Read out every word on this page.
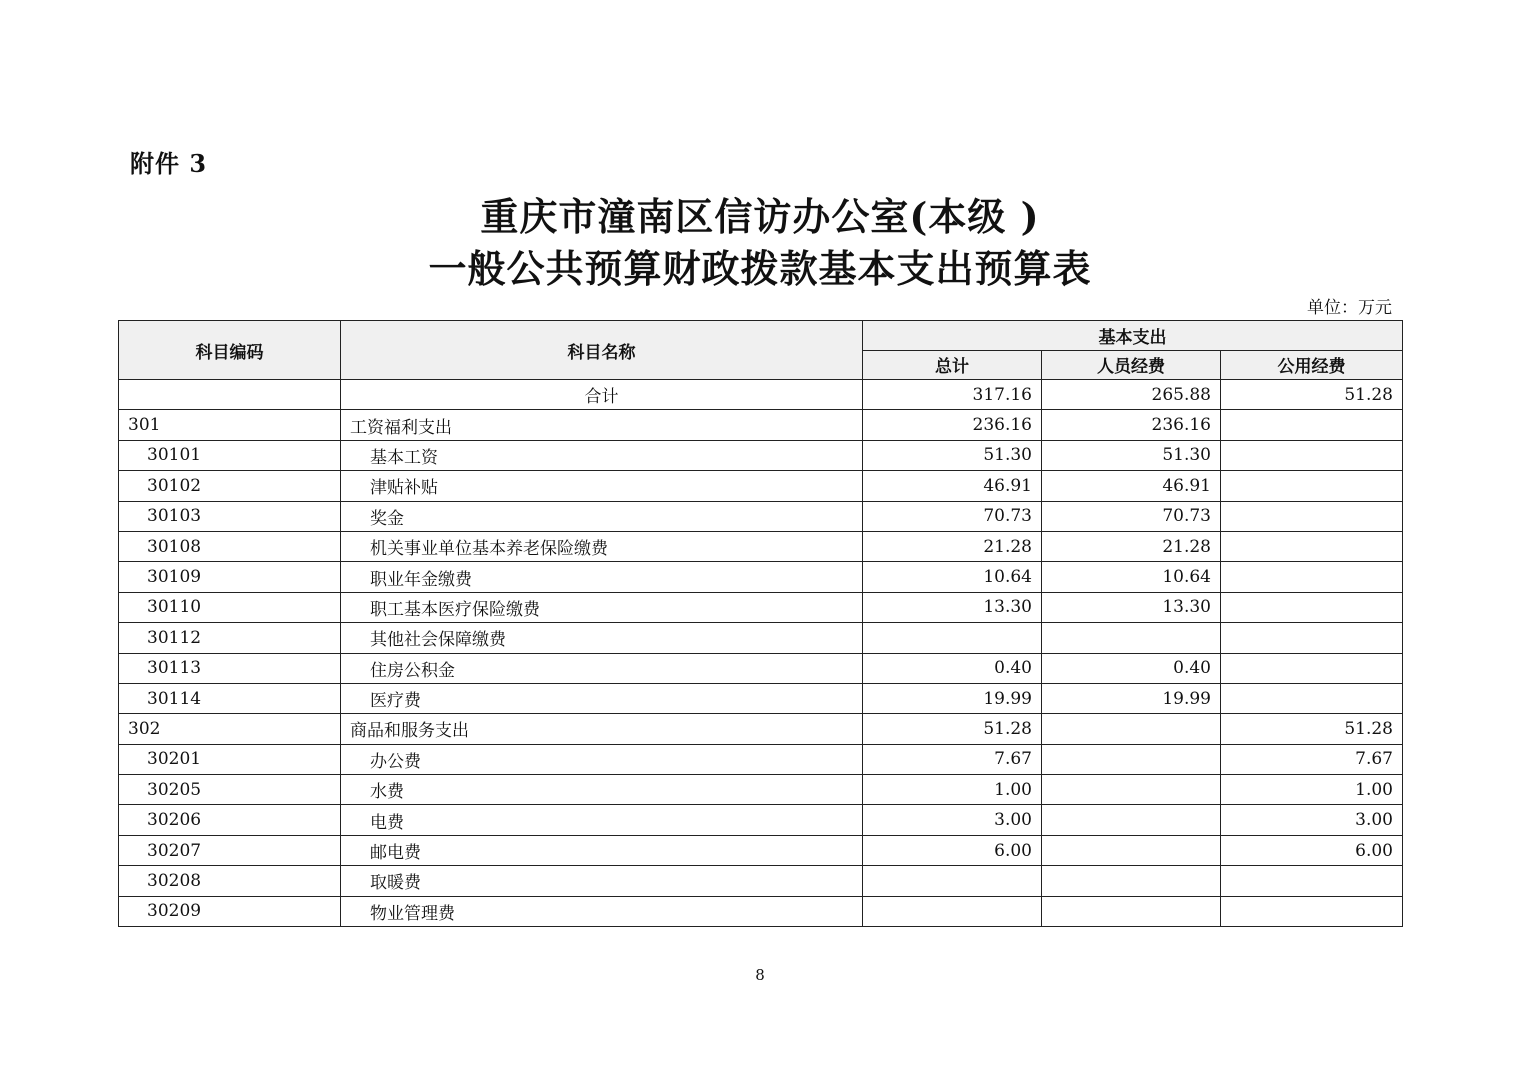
附件 3
重庆市潼南区信访办公室(本级 )
一般公共预算财政拨款基本支出预算表
单位：万元
科目编码	科目名称	基本支出		
		总计	人员经费	公用经费
	合计	317.16	265.88	51.28
301	工资福利支出	236.16	236.16	
30101	基本工资	51.30	51.30	
30102	津贴补贴	46.91	46.91	
30103	奖金	70.73	70.73	
30108	机关事业单位基本养老保险缴费	21.28	21.28	
30109	职业年金缴费	10.64	10.64	
30110	职工基本医疗保险缴费	13.30	13.30	
30112	其他社会保障缴费			
30113	住房公积金	0.40	0.40	
30114	医疗费	19.99	19.99	
302	商品和服务支出	51.28		51.28
30201	办公费	7.67		7.67
30205	水费	1.00		1.00
30206	电费	3.00		3.00
30207	邮电费	6.00		6.00
30208	取暖费			
30209	物业管理费			
8
